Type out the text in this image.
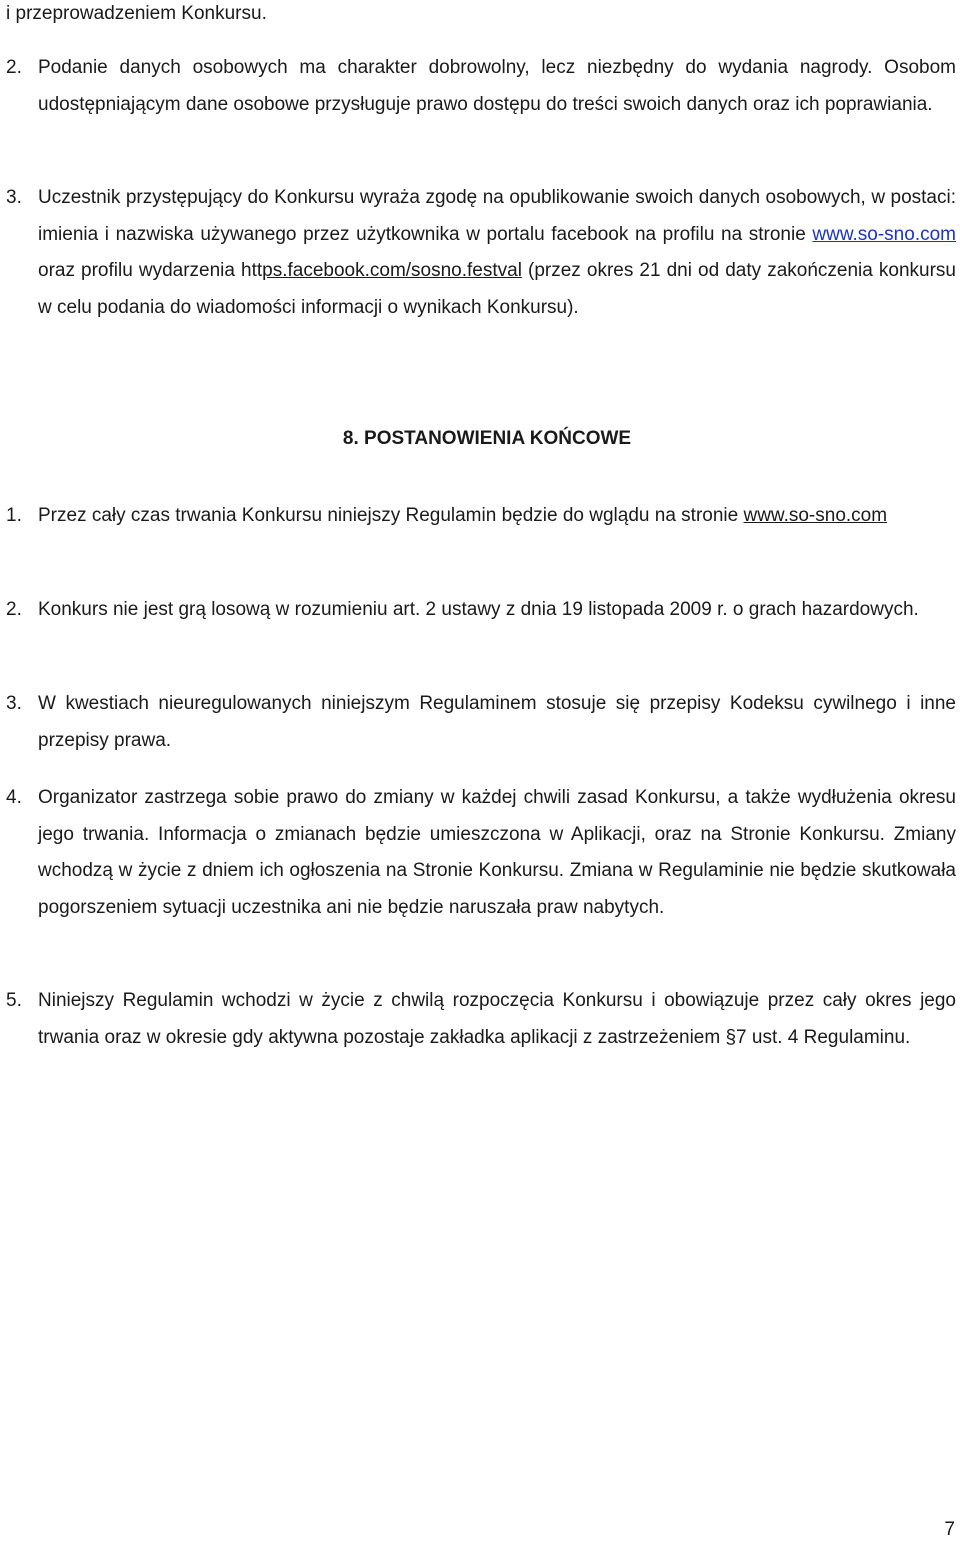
i przeprowadzeniem Konkursu.
2. Podanie danych osobowych ma charakter dobrowolny, lecz niezbędny do wydania nagrody. Osobom udostępniającym dane osobowe przysługuje prawo dostępu do treści swoich danych oraz ich poprawiania.
3. Uczestnik przystępujący do Konkursu wyraża zgodę na opublikowanie swoich danych osobowych, w postaci: imienia i nazwiska używanego przez użytkownika w portalu facebook na profilu na stronie www.so-sno.com oraz profilu wydarzenia https.facebook.com/sosno.festval (przez okres 21 dni od daty zakończenia konkursu w celu podania do wiadomości informacji o wynikach Konkursu).
8. POSTANOWIENIA KOŃCOWE
1. Przez cały czas trwania Konkursu niniejszy Regulamin będzie do wglądu na stronie www.so-sno.com
2. Konkurs nie jest grą losową w rozumieniu art. 2 ustawy z dnia 19 listopada 2009 r. o grach hazardowych.
3. W kwestiach nieuregulowanych niniejszym Regulaminem stosuje się przepisy Kodeksu cywilnego i inne przepisy prawa.
4. Organizator zastrzega sobie prawo do zmiany w każdej chwili zasad Konkursu, a także wydłużenia okresu jego trwania. Informacja o zmianach będzie umieszczona w Aplikacji, oraz na Stronie Konkursu. Zmiany wchodzą w życie z dniem ich ogłoszenia na Stronie Konkursu. Zmiana w Regulaminie nie będzie skutkowała pogorszeniem sytuacji uczestnika ani nie będzie naruszała praw nabytych.
5. Niniejszy Regulamin wchodzi w życie z chwilą rozpoczęcia Konkursu i obowiązuje przez cały okres jego trwania oraz w okresie gdy aktywna pozostaje zakładka aplikacji z zastrzeżeniem §7 ust. 4 Regulaminu.
7
